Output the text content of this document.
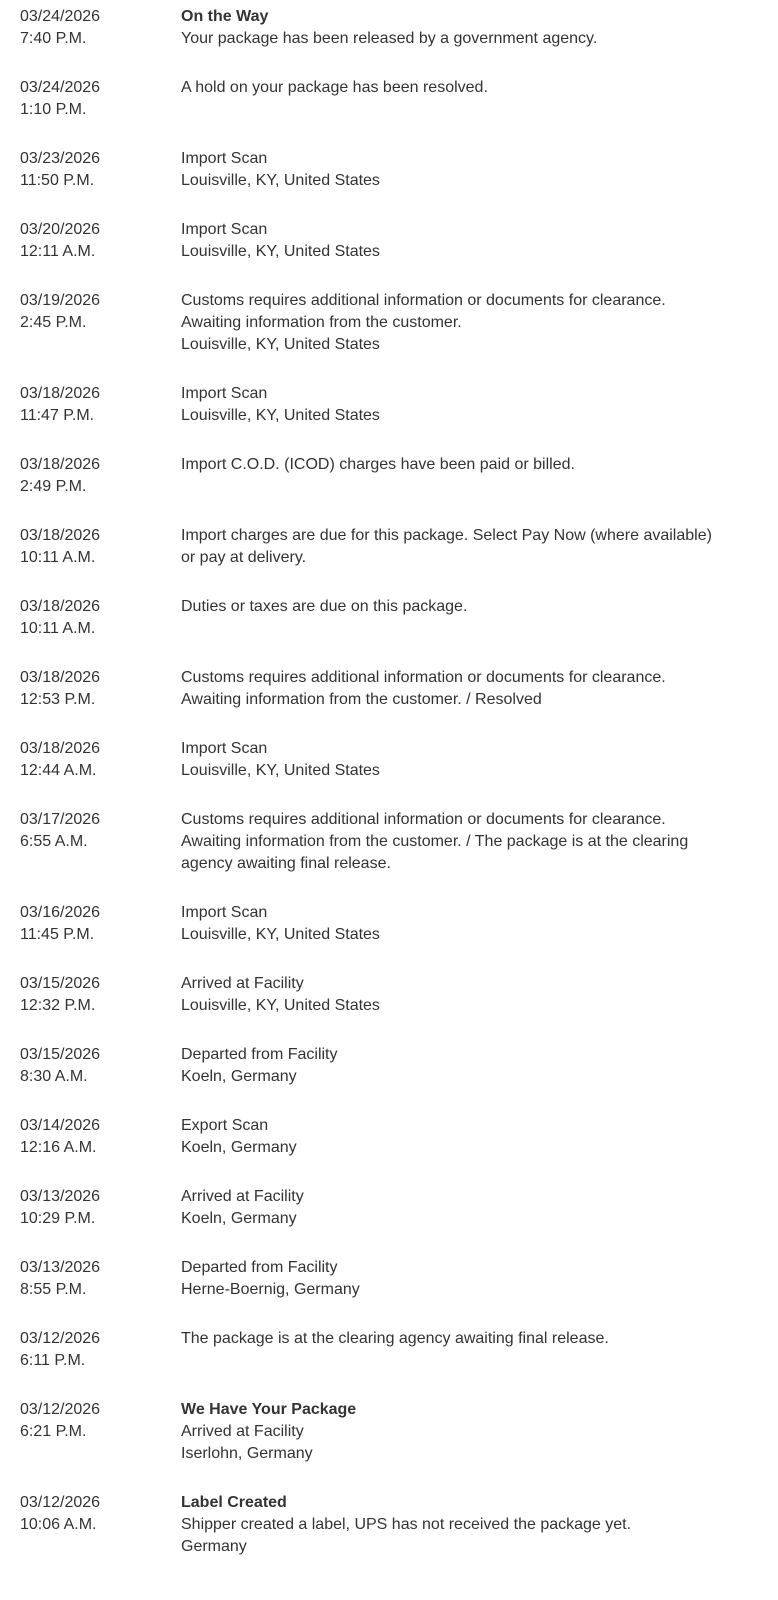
03/24/2026
7:40 P.M.
On the Way
Your package has been released by a government agency.
03/24/2026
1:10 P.M.
A hold on your package has been resolved.
03/23/2026
11:50 P.M.
Import Scan
Louisville, KY, United States
03/20/2026
12:11 A.M.
Import Scan
Louisville, KY, United States
03/19/2026
2:45 P.M.
Customs requires additional information or documents for clearance.
Awaiting information from the customer.
Louisville, KY, United States
03/18/2026
11:47 P.M.
Import Scan
Louisville, KY, United States
03/18/2026
2:49 P.M.
Import C.O.D. (ICOD) charges have been paid or billed.
03/18/2026
10:11 A.M.
Import charges are due for this package. Select Pay Now (where available)
or pay at delivery.
03/18/2026
10:11 A.M.
Duties or taxes are due on this package.
03/18/2026
12:53 P.M.
Customs requires additional information or documents for clearance.
Awaiting information from the customer. / Resolved
03/18/2026
12:44 A.M.
Import Scan
Louisville, KY, United States
03/17/2026
6:55 A.M.
Customs requires additional information or documents for clearance.
Awaiting information from the customer. / The package is at the clearing
agency awaiting final release.
03/16/2026
11:45 P.M.
Import Scan
Louisville, KY, United States
03/15/2026
12:32 P.M.
Arrived at Facility
Louisville, KY, United States
03/15/2026
8:30 A.M.
Departed from Facility
Koeln, Germany
03/14/2026
12:16 A.M.
Export Scan
Koeln, Germany
03/13/2026
10:29 P.M.
Arrived at Facility
Koeln, Germany
03/13/2026
8:55 P.M.
Departed from Facility
Herne-Boernig, Germany
03/12/2026
6:11 P.M.
The package is at the clearing agency awaiting final release.
03/12/2026
6:21 P.M.
We Have Your Package
Arrived at Facility
Iserlohn, Germany
03/12/2026
10:06 A.M.
Label Created
Shipper created a label, UPS has not received the package yet.
Germany
